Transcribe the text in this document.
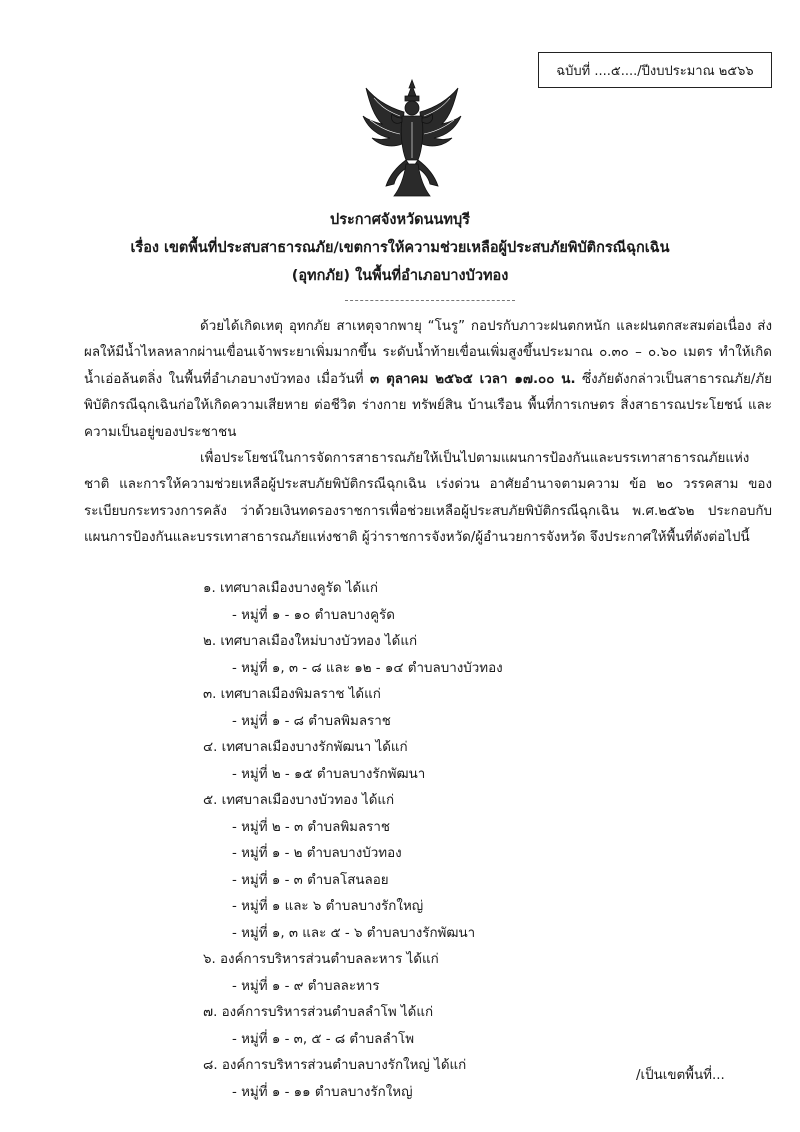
ฉบับที่ ....๕..../ปีงบประมาณ ๒๕๖๖
ประกาศจังหวัดนนทบุรี
เรื่อง เขตพื้นที่ประสบสาธารณภัย/เขตการให้ความช่วยเหลือผู้ประสบภัยพิบัติกรณีฉุกเฉิน
(อุทกภัย) ในพื้นที่อำเภอบางบัวทอง

ด้วยได้เกิดเหตุ อุทกภัย สาเหตุจากพายุ “โนรู” กอปรกับภาวะฝนตกหนัก และฝนตกสะสมต่อเนื่อง ส่งผลให้มีน้ำไหลหลากผ่านเขื่อนเจ้าพระยาเพิ่มมากขึ้น ระดับน้ำท้ายเขื่อนเพิ่มสูงขึ้นประมาณ ๐.๓๐ – ๐.๖๐ เมตร ทำให้เกิดน้ำเอ่อล้นตลิ่ง ในพื้นที่อำเภอบางบัวทอง เมื่อวันที่ ๓ ตุลาคม ๒๕๖๕ เวลา ๑๗.๐๐ น. ซึ่งภัยดังกล่าวเป็นสาธารณภัย/ภัยพิบัติกรณีฉุกเฉินก่อให้เกิดความเสียหาย ต่อชีวิต ร่างกาย ทรัพย์สิน บ้านเรือน พื้นที่การเกษตร สิ่งสาธารณประโยชน์ และความเป็นอยู่ของประชาชน

เพื่อประโยชน์ในการจัดการสาธารณภัยให้เป็นไปตามแผนการป้องกันและบรรเทาสาธารณภัยแห่งชาติ และการให้ความช่วยเหลือผู้ประสบภัยพิบัติกรณีฉุกเฉิน เร่งด่วน อาศัยอำนาจตามความ ข้อ ๒๐ วรรคสาม ของระเบียบกระทรวงการคลัง ว่าด้วยเงินทดรองราชการเพื่อช่วยเหลือผู้ประสบภัยพิบัติกรณีฉุกเฉิน พ.ศ.๒๕๖๒ ประกอบกับแผนการป้องกันและบรรเทาสาธารณภัยแห่งชาติ ผู้ว่าราชการจังหวัด/ผู้อำนวยการจังหวัด จึงประกาศให้พื้นที่ดังต่อไปนี้

๑. เทศบาลเมืองบางคูรัด ได้แก่
- หมู่ที่ ๑ - ๑๐ ตำบลบางคูรัด
๒. เทศบาลเมืองใหม่บางบัวทอง ได้แก่
- หมู่ที่ ๑, ๓ - ๘ และ ๑๒ - ๑๔ ตำบลบางบัวทอง
๓. เทศบาลเมืองพิมลราช ได้แก่
- หมู่ที่ ๑ - ๘ ตำบลพิมลราช
๔. เทศบาลเมืองบางรักพัฒนา ได้แก่
- หมู่ที่ ๒ - ๑๕ ตำบลบางรักพัฒนา
๕. เทศบาลเมืองบางบัวทอง ได้แก่
- หมู่ที่ ๒ - ๓ ตำบลพิมลราช
- หมู่ที่ ๑ - ๒ ตำบลบางบัวทอง
- หมู่ที่ ๑ - ๓ ตำบลโสนลอย
- หมู่ที่ ๑ และ ๖ ตำบลบางรักใหญ่
- หมู่ที่ ๑, ๓ และ ๕ - ๖ ตำบลบางรักพัฒนา
๖. องค์การบริหารส่วนตำบลละหาร ได้แก่
- หมู่ที่ ๑ - ๙ ตำบลละหาร
๗. องค์การบริหารส่วนตำบลลำโพ ได้แก่
- หมู่ที่ ๑ - ๓, ๕ - ๘ ตำบลลำโพ
๘. องค์การบริหารส่วนตำบลบางรักใหญ่ ได้แก่
- หมู่ที่ ๑ - ๑๑ ตำบลบางรักใหญ่
/เป็นเขตพื้นที่...
